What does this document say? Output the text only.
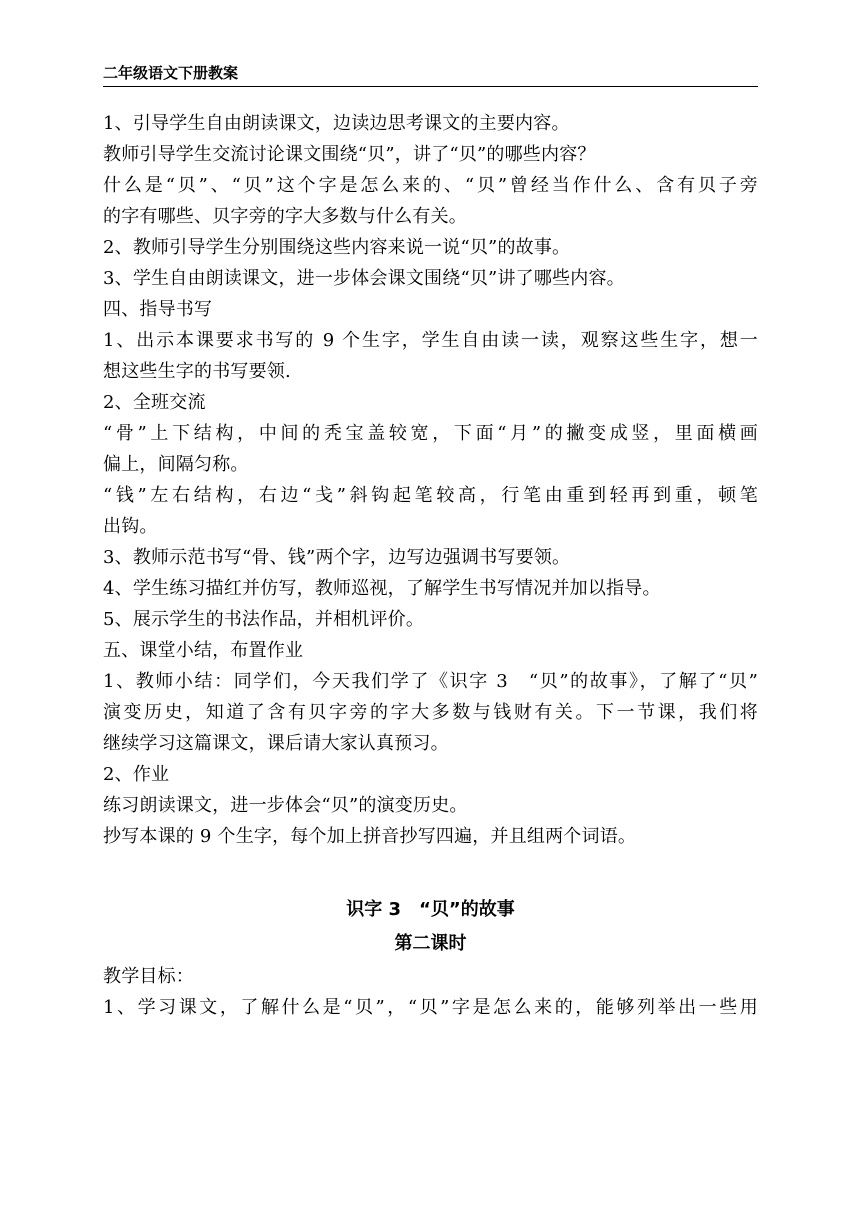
二年级语文下册教案
1、引导学生自由朗读课文，边读边思考课文的主要内容。
教师引导学生交流讨论课文围绕“贝”，讲了“贝”的哪些内容？
什么是“贝”、“贝”这个字是怎么来的、“贝”曾经当作什么、含有贝子旁
的字有哪些、贝字旁的字大多数与什么有关。
2、教师引导学生分别围绕这些内容来说一说“贝”的故事。
3、学生自由朗读课文，进一步体会课文围绕“贝”讲了哪些内容。
四、指导书写
1、出示本课要求书写的 9 个生字，学生自由读一读，观察这些生字，想一
想这些生字的书写要领.
2、全班交流
“骨”上下结构，中间的秃宝盖较宽，下面“月”的撇变成竖，里面横画
偏上，间隔匀称。
“钱”左右结构，右边“戋”斜钩起笔较高，行笔由重到轻再到重，顿笔
出钩。
3、教师示范书写“骨、钱”两个字，边写边强调书写要领。
4、学生练习描红并仿写，教师巡视，了解学生书写情况并加以指导。
5、展示学生的书法作品，并相机评价。
五、课堂小结，布置作业
1、教师小结：同学们，今天我们学了《识字 3　“贝”的故事》，了解了“贝”
演变历史，知道了含有贝字旁的字大多数与钱财有关。下一节课，我们将
继续学习这篇课文，课后请大家认真预习。
2、作业
练习朗读课文，进一步体会“贝”的演变历史。
抄写本课的 9 个生字，每个加上拼音抄写四遍，并且组两个词语。
识字 3　“贝”的故事
第二课时
教学目标：
1、学习课文，了解什么是“贝”，“贝”字是怎么来的，能够列举出一些用
